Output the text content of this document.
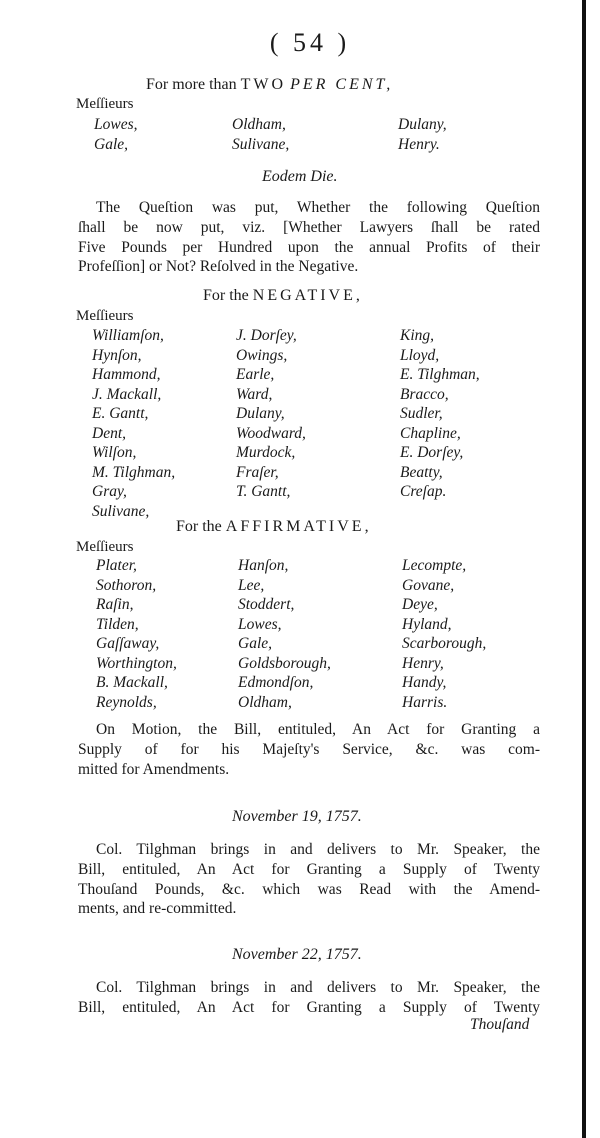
( 54 )
For more than TWO PER CENT,
Meſſieurs
Lowes,
Gale,
Oldham,
Sulivane,
Dulany,
Henry.
Eodem Die.
The Queſtion was put, Whether the following Queſtion
ſhall be now put, viz. [Whether Lawyers ſhall be rated
Five Pounds per Hundred upon the annual Profits of their
Profeſſion] or Not? Reſolved in the Negative.
For the NEGATIVE,
Meſſieurs
Williamſon,
Hynſon,
Hammond,
J. Mackall,
E. Gantt,
Dent,
Wilſon,
M. Tilghman,
Gray,
Sulivane,
J. Dorſey,
Owings,
Earle,
Ward,
Dulany,
Woodward,
Murdock,
Fraſer,
T. Gantt,
King,
Lloyd,
E. Tilghman,
Bracco,
Sudler,
Chapline,
E. Dorſey,
Beatty,
Creſap.
For the AFFIRMATIVE,
Meſſieurs
Plater,
Sothoron,
Raſin,
Tilden,
Gaſſaway,
Worthington,
B. Mackall,
Reynolds,
Hanſon,
Lee,
Stoddert,
Lowes,
Gale,
Goldsborough,
Edmondſon,
Oldham,
Lecompte,
Govane,
Deye,
Hyland,
Scarborough,
Henry,
Handy,
Harris.
On Motion, the Bill, entituled, An Act for Granting a
Supply of for his Majeſty's Service, &c. was com-
mitted for Amendments.
November 19, 1757.
Col. Tilghman brings in and delivers to Mr. Speaker, the
Bill, entituled, An Act for Granting a Supply of Twenty
Thouſand Pounds, &c. which was Read with the Amend-
ments, and re-committed.
November 22, 1757.
Col. Tilghman brings in and delivers to Mr. Speaker, the
Bill, entituled, An Act for Granting a Supply of Twenty
Thouſand
